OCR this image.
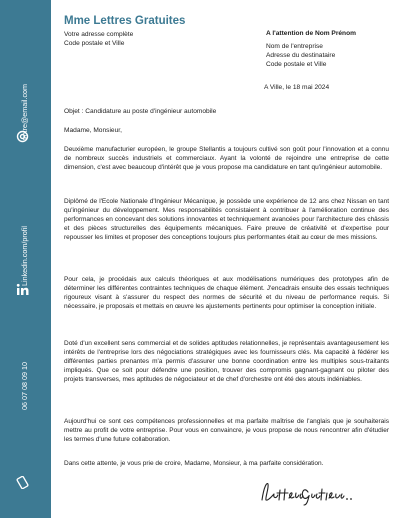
votre@email.com
Linkedin.com/profil
06 07 08 09 10
Mme Lettres Gratuites
Votre adresse complète
Code postale et Ville
A l'attention de Nom Prénom
Nom de l'entreprise
Adresse du destinataire
Code postale et Ville
A Ville, le 18 mai 2024
Objet : Candidature au poste d'ingénieur automobile
Madame, Monsieur,

Deuxième manufacturier européen, le groupe Stellantis a toujours cultivé son goût pour l'innovation et a connu de nombreux succès industriels et commerciaux. Ayant la volonté de rejoindre une entreprise de cette dimension, c'est avec beaucoup d'intérêt que je vous propose ma candidature en tant qu'ingénieur automobile.

Diplômé de l'Ecole Nationale d'Ingénieur Mécanique, je possède une expérience de 12 ans chez Nissan en tant qu'ingénieur du développement. Mes responsabilités consistaient à contribuer à l'amélioration continue des performances en concevant des solutions innovantes et techniquement avancées pour l'architecture des châssis et des pièces structurelles des équipements mécaniques. Faire preuve de créativité et d'expertise pour repousser les limites et proposer des conceptions toujours plus performantes était au cœur de mes missions.

Pour cela, je procédais aux calculs théoriques et aux modélisations numériques des prototypes afin de déterminer les différentes contraintes techniques de chaque élément. J'encadrais ensuite des essais techniques rigoureux visant à s'assurer du respect des normes de sécurité et du niveau de performance requis. Si nécessaire, je proposais et mettais en œuvre les ajustements pertinents pour optimiser la conception initiale.

Doté d'un excellent sens commercial et de solides aptitudes relationnelles, je représentais avantageusement les intérêts de l'entreprise lors des négociations stratégiques avec les fournisseurs clés. Ma capacité à fédérer les différentes parties prenantes m'a permis d'assurer une bonne coordination entre les multiples sous-traitants impliqués. Que ce soit pour défendre une position, trouver des compromis gagnant-gagnant ou piloter des projets transverses, mes aptitudes de négociateur et de chef d'orchestre ont été des atouts indéniables.

Aujourd'hui ce sont ces compétences professionnelles et ma parfaite maîtrise de l'anglais que je souhaiterais mettre au profit de votre entreprise. Pour vous en convaincre, je vous propose de nous rencontrer afin d'étudier les termes d'une future collaboration.

Dans cette attente, je vous prie de croire, Madame, Monsieur, à ma parfaite considération.
